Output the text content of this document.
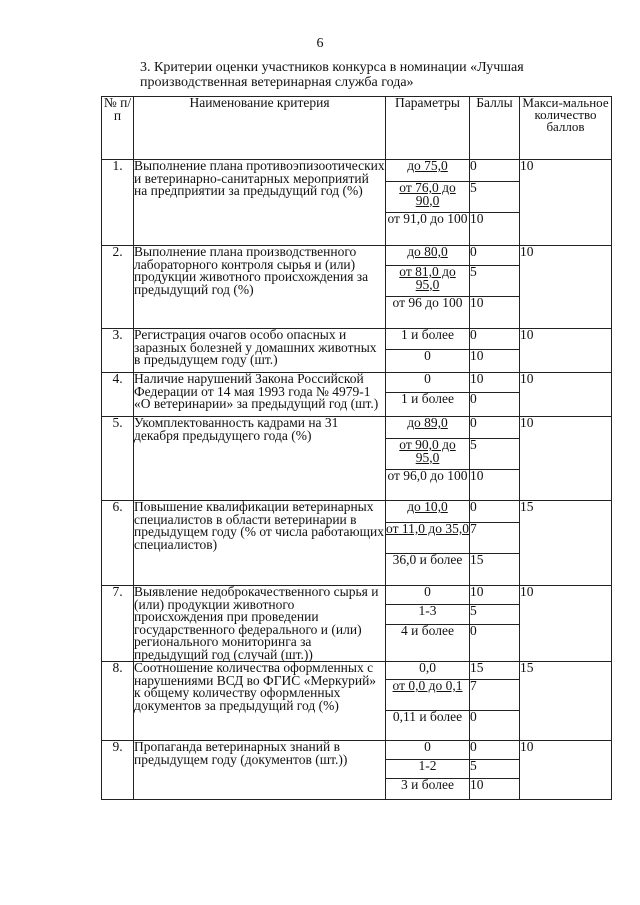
6
3. Критерии оценки участников конкурса в номинации «Лучшая производственная ветеринарная служба года»
№ п/п	Наименование критерия	Параметры	Баллы	Макси-мальное количество баллов
1.	Выполнение плана противоэпизоотических и ветеринарно-санитарных мероприятий на предприятии за предыдущий год (%)	до 75,0	0	10
		от 76,0 до 90,0	5	
		от 91,0 до 100	10	
2.	Выполнение плана производственного лабораторного контроля сырья и (или) продукции животного происхождения за предыдущий год (%)	до 80,0	0	10
		от 81,0 до 95,0	5	
		от 96 до 100	10	
3.	Регистрация очагов особо опасных и заразных болезней у домашних животных в предыдущем году (шт.)	1 и более	0	10
		0	10	
4.	Наличие нарушений Закона Российской Федерации от 14 мая 1993 года № 4979-1 «О ветеринарии» за предыдущий год (шт.)	0	10	10
		1 и более	0	
5.	Укомплектованность кадрами на 31 декабря предыдущего года (%)	до 89,0	0	10
		от 90,0 до 95,0	5	
		от 96,0 до 100	10	
6.	Повышение квалификации ветеринарных специалистов в области ветеринарии в предыдущем году (% от числа работающих специалистов)	до 10,0	0	15
		от 11,0 до 35,0	7	
		36,0 и более	15	
7.	Выявление недоброкачественного сырья и (или) продукции животного происхождения при проведении государственного федерального и (или) регионального мониторинга за предыдущий год (случай (шт.))	0	10	10
		1-3	5	
		4 и более	0	
8.	Соотношение количества оформленных с нарушениями ВСД во ФГИС «Меркурий» к общему количеству оформленных документов за предыдущий год (%)	0,0	15	15
		от 0,0 до 0,1	7	
		0,11 и более	0	
9.	Пропаганда ветеринарных знаний в предыдущем году (документов (шт.))	0	0	10
		1-2	5	
		3 и более	10	
